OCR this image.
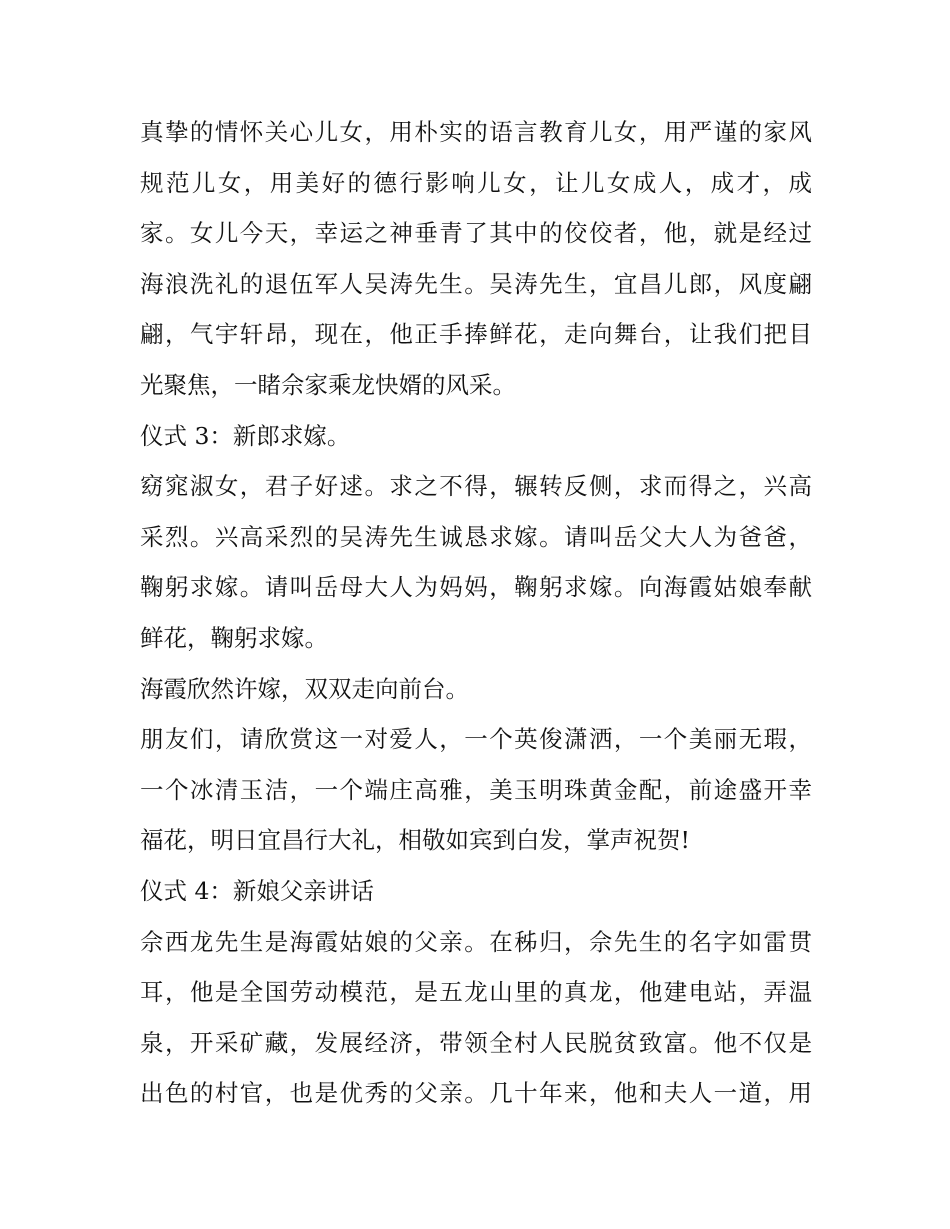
真挚的情怀关心儿女，用朴实的语言教育儿女，用严谨的家风

规范儿女，用美好的德行影响儿女，让儿女成人，成才，成

家。女儿今天，幸运之神垂青了其中的佼佼者，他，就是经过

海浪洗礼的退伍军人吴涛先生。吴涛先生，宜昌儿郎，风度翩

翩，气宇轩昂，现在，他正手捧鲜花，走向舞台，让我们把目

光聚焦，一睹佘家乘龙快婿的风采。

仪式 3：新郎求嫁。

窈窕淑女，君子好逑。求之不得，辗转反侧，求而得之，兴高

采烈。兴高采烈的吴涛先生诚恳求嫁。请叫岳父大人为爸爸，

鞠躬求嫁。请叫岳母大人为妈妈，鞠躬求嫁。向海霞姑娘奉献

鲜花，鞠躬求嫁。

海霞欣然许嫁，双双走向前台。

朋友们，请欣赏这一对爱人，一个英俊潇洒，一个美丽无瑕，

一个冰清玉洁，一个端庄高雅，美玉明珠黄金配，前途盛开幸

福花，明日宜昌行大礼，相敬如宾到白发，掌声祝贺!

仪式 4：新娘父亲讲话

佘西龙先生是海霞姑娘的父亲。在秭归，佘先生的名字如雷贯

耳，他是全国劳动模范，是五龙山里的真龙，他建电站，弄温

泉，开采矿藏，发展经济，带领全村人民脱贫致富。他不仅是

出色的村官，也是优秀的父亲。几十年来，他和夫人一道，用
